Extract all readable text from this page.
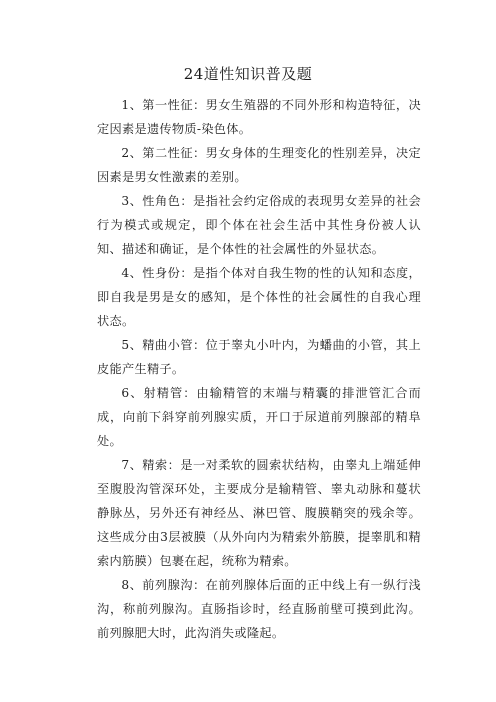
24道性知识普及题

1、第一性征：男女生殖器的不同外形和构造特征，决定因素是遗传物质-染色体。

2、第二性征：男女身体的生理变化的性别差异，决定因素是男女性激素的差别。

3、性角色：是指社会约定俗成的表现男女差异的社会行为模式或规定，即个体在社会生活中其性身份被人认知、描述和确证，是个体性的社会属性的外显状态。

4、性身份：是指个体对自我生物的性的认知和态度，即自我是男是女的感知，是个体性的社会属性的自我心理状态。

5、精曲小管：位于睾丸小叶内，为蟠曲的小管，其上皮能产生精子。

6、射精管：由输精管的末端与精囊的排泄管汇合而成，向前下斜穿前列腺实质，开口于尿道前列腺部的精阜处。

7、精索：是一对柔软的圆索状结构，由睾丸上端延伸至腹股沟管深环处，主要成分是输精管、睾丸动脉和蔓状静脉丛，另外还有神经丛、淋巴管、腹膜鞘突的残余等。这些成分由3层被膜（从外向内为精索外筋膜，提睾肌和精索内筋膜）包裹在起，统称为精索。

8、前列腺沟：在前列腺体后面的正中线上有一纵行浅沟，称前列腺沟。直肠指诊时，经直肠前壁可摸到此沟。前列腺肥大时，此沟消失或隆起。
